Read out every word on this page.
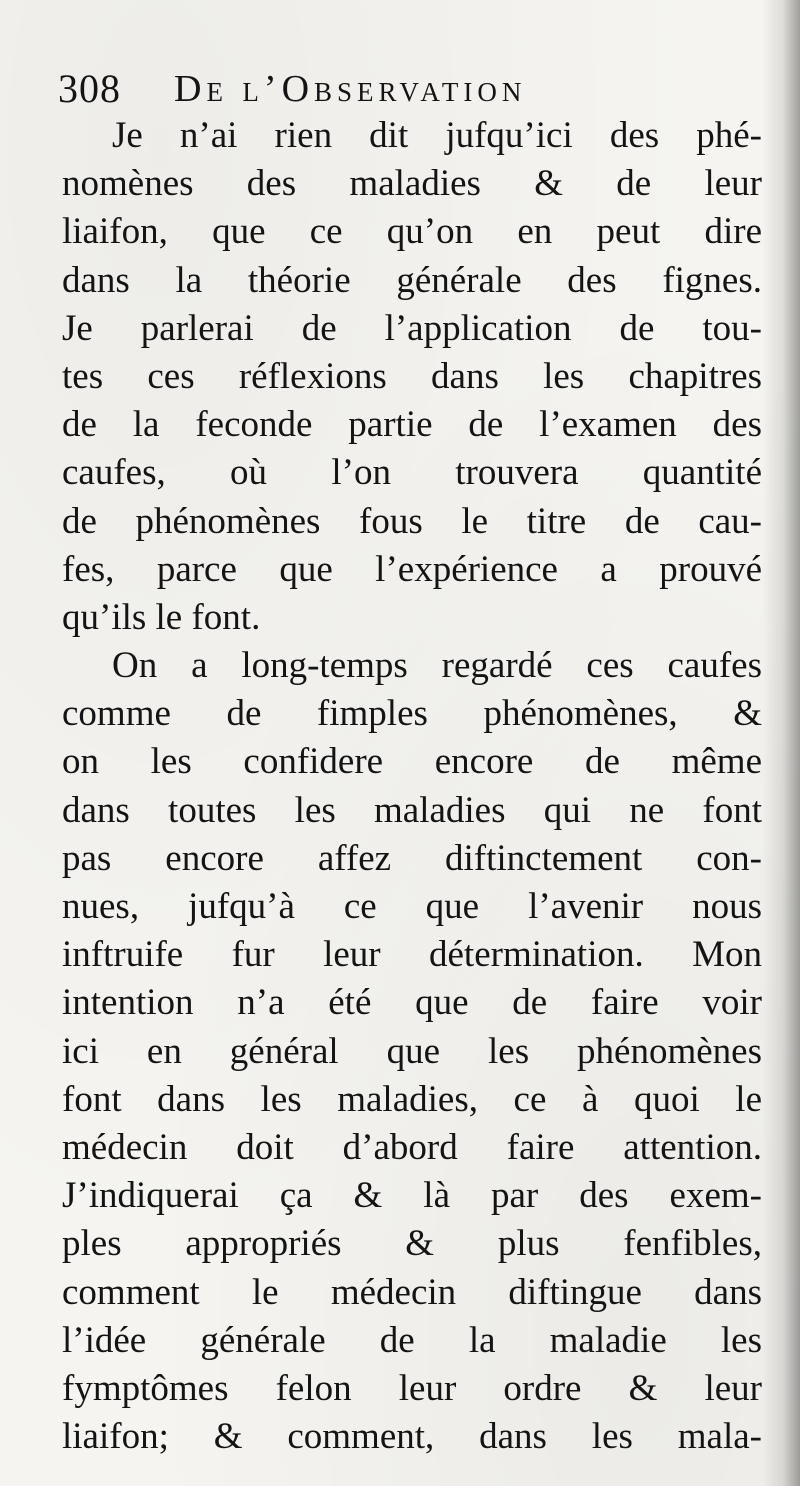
308 De l’Observation
Je n’ai rien dit jufqu’ici des phé-
nomènes des maladies & de leur
liaifon, que ce qu’on en peut dire
dans la théorie générale des fignes.
Je parlerai de l’application de tou-
tes ces réflexions dans les chapitres
de la feconde partie de l’examen des
caufes, où l’on trouvera quantité
de phénomènes fous le titre de cau-
fes, parce que l’expérience a prouvé
qu’ils le font.
On a long-temps regardé ces caufes
comme de fimples phénomènes, &
on les confidere encore de même
dans toutes les maladies qui ne font
pas encore affez diftinctement con-
nues, jufqu’à ce que l’avenir nous
inftruife fur leur détermination. Mon
intention n’a été que de faire voir
ici en général que les phénomènes
font dans les maladies, ce à quoi le
médecin doit d’abord faire attention.
J’indiquerai ça & là par des exem-
ples appropriés & plus fenfibles,
comment le médecin diftingue dans
l’idée générale de la maladie les
fymptômes felon leur ordre & leur
liaifon; & comment, dans les mala-
